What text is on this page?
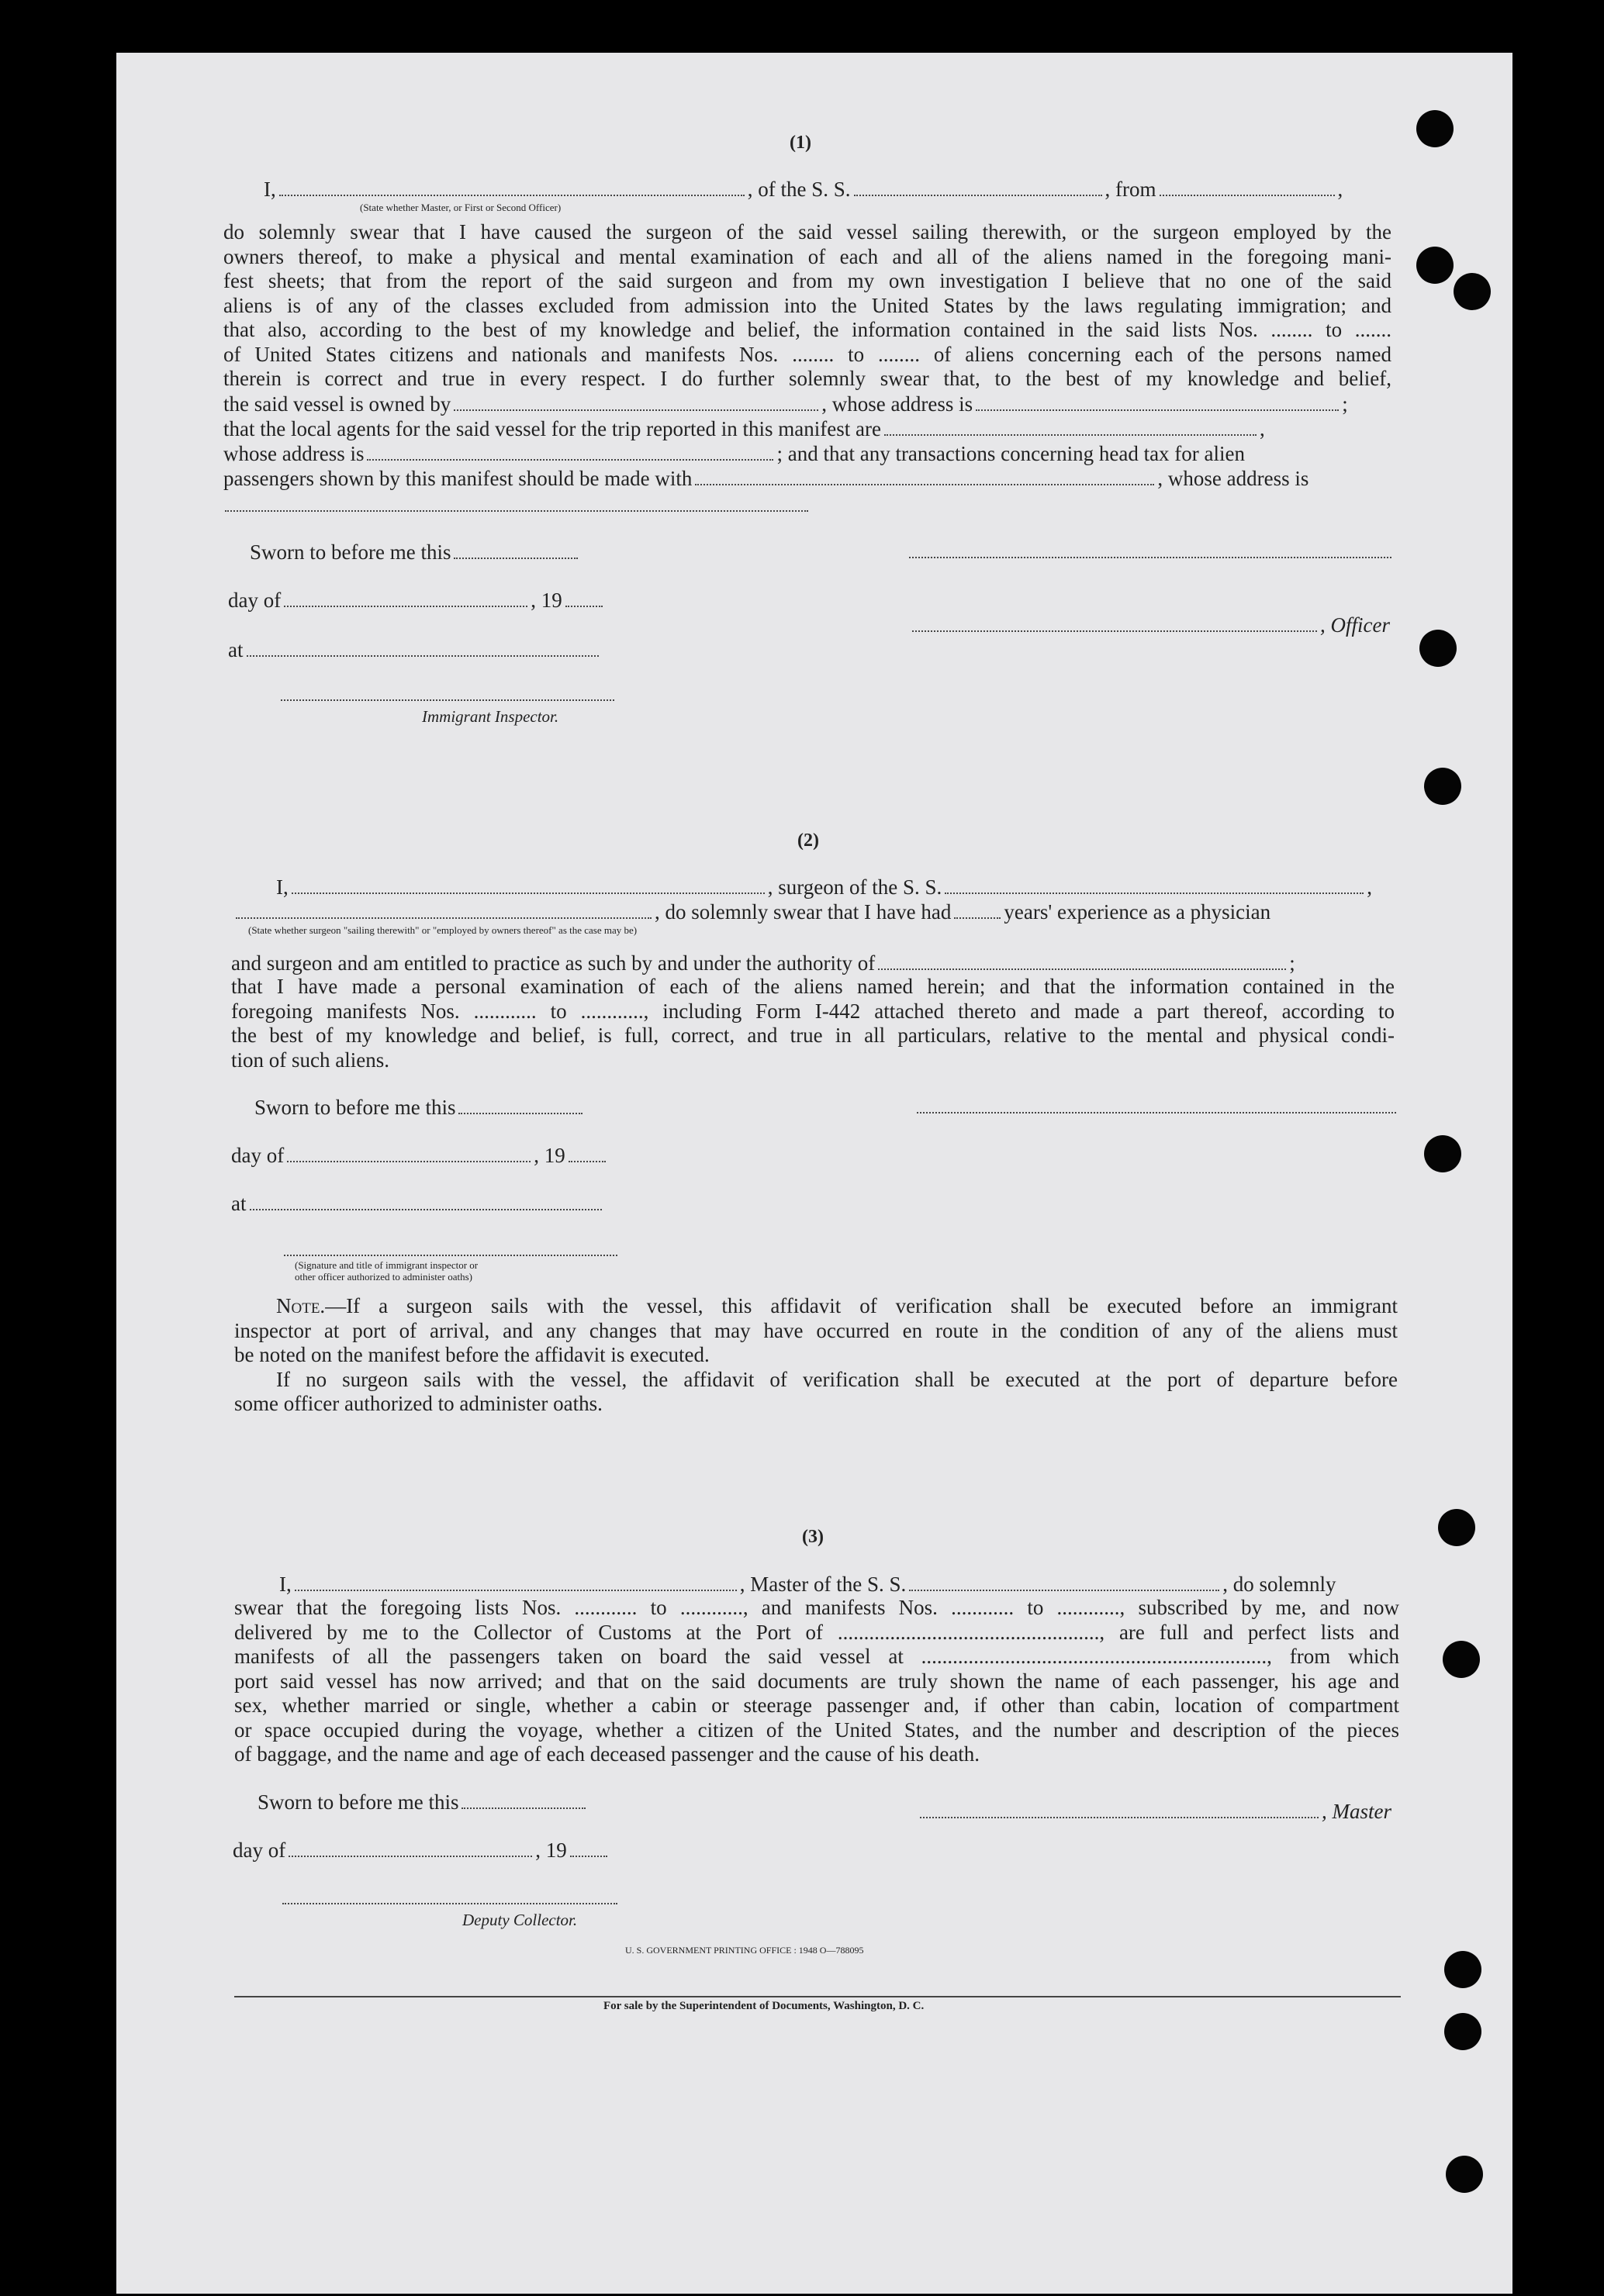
(1)
I,	, of the S. S.	, from	,
(State whether Master, or First or Second Officer)

do solemnly swear that I have caused the surgeon of the said vessel sailing therewith, or the surgeon employed by the

owners thereof, to make a physical and mental examination of each and all of the aliens named in the foregoing mani-

fest sheets; that from the report of the said surgeon and from my own investigation I believe that no one of the said

aliens is of any of the classes excluded from admission into the United States by the laws regulating immigration; and

that also, according to the best of my knowledge and belief, the information contained in the said lists Nos. ........ to .......

of United States citizens and nationals and manifests Nos. ........ to ........ of aliens concerning each of the persons named

therein is correct and true in every respect. I do further solemnly swear that, to the best of my knowledge and belief,

the said vessel is owned by	, whose address is	;
that the local agents for the said vessel for the trip reported in this manifest are	,
whose address is	; and that any transactions concerning head tax for alien
passengers shown by this manifest should be made with	, whose address is
Sworn to before me this
day of	, 19
at
, Officer
Immigrant Inspector.
(2)
I,	, surgeon of the S. S.	,
, do solemnly swear that I have had	years' experience as a physician
(State whether surgeon "sailing therewith" or "employed by owners thereof" as the case may be)
and surgeon and am entitled to practice as such by and under the authority of	;

that I have made a personal examination of each of the aliens named herein; and that the information contained in the

foregoing manifests Nos. ............ to ............, including Form I-442 attached thereto and made a part thereof, according to

the best of my knowledge and belief, is full, correct, and true in all particulars, relative to the mental and physical condi-

tion of such aliens.

Sworn to before me this
day of	, 19
at
(Signature and title of immigrant inspector or
other officer authorized to administer oaths)

Note.—If a surgeon sails with the vessel, this affidavit of verification shall be executed before an immigrant

inspector at port of arrival, and any changes that may have occurred en route in the condition of any of the aliens must

be noted on the manifest before the affidavit is executed.

If no surgeon sails with the vessel, the affidavit of verification shall be executed at the port of departure before

some officer authorized to administer oaths.

(3)
I,	, Master of the S. S.	, do solemnly

swear that the foregoing lists Nos. ............ to ............, and manifests Nos. ............ to ............, subscribed by me, and now

delivered by me to the Collector of Customs at the Port of .................................................., are full and perfect lists and

manifests of all the passengers taken on board the said vessel at .................................................................., from which

port said vessel has now arrived; and that on the said documents are truly shown the name of each passenger, his age and

sex, whether married or single, whether a cabin or steerage passenger and, if other than cabin, location of compartment

or space occupied during the voyage, whether a citizen of the United States, and the number and description of the pieces

of baggage, and the name and age of each deceased passenger and the cause of his death.

Sworn to before me this	, Master
day of	, 19
Deputy Collector.
U. S. GOVERNMENT PRINTING OFFICE : 1948 O—788095
For sale by the Superintendent of Documents, Washington, D. C.
